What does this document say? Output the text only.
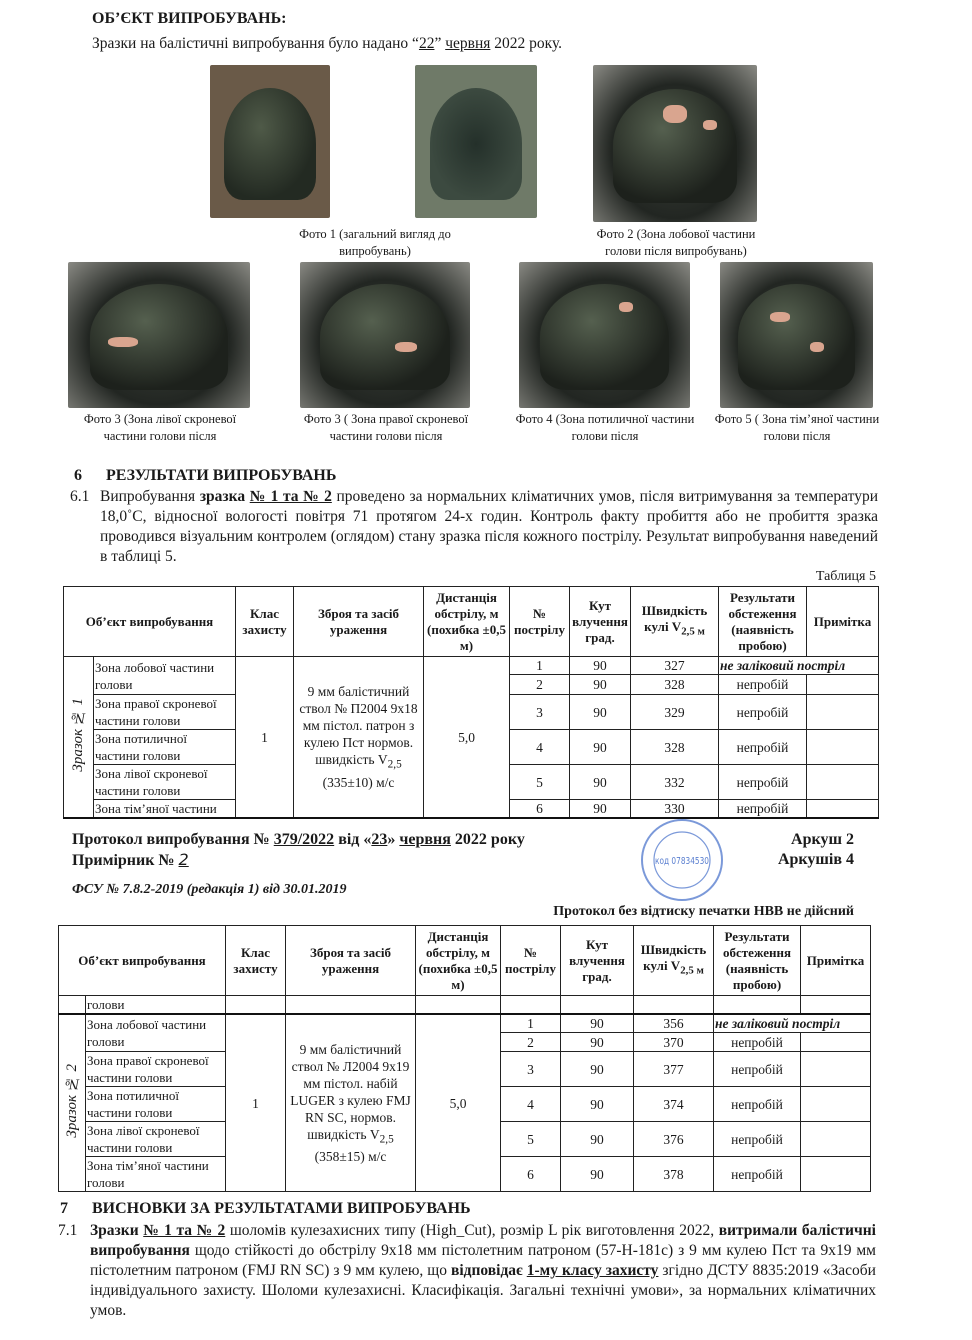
ОБ’ЄКТ ВИПРОБУВАНЬ:
Зразки на балістичні випробування було надано “22” червня 2022 року.
Фото 1 (загальний вигляд до випробувань)
Фото 2 (Зона лобової частини голови після випробувань)
Фото 3 (Зона лівої скроневої частини голови після
Фото 3 ( Зона правої скроневої частини голови після
Фото 4 (Зона потиличної частини голови після
Фото 5 ( Зона тім’яної частини голови після
6 РЕЗУЛЬТАТИ ВИПРОБУВАНЬ
6.1 Випробування зразка № 1 та № 2 проведено за нормальних кліматичних умов, після витримування за температури 18,0˚С, відносної вологості повітря 71 протягом 24-х годин. Контроль факту пробиття або не пробиття зразка проводився візуальним контролем (оглядом) стану зразка після кожного пострілу. Результат випробування наведений в таблиці 5.
Таблиця 5
Об’єкт випробування		Клас захисту	Зброя та засіб ураження	Дистанція обстрілу, м (похибка ±0,5 м)	№ пострілу	Кут влучення град.	Швидкість кулі $V_{2,5 м}$	Результати обстеження (наявність пробою)	Примітка
Зразок № 1	Зона лобової частини голови	1	9 мм балістичний ствол № П2004 9х18 мм пістол. патрон з кулею Пст нормов. швидкість $V_{2,5}$ (335±10) м/с	5,0	1	90	327	не заліковий постріл	
					2	90	328	непробій	
	Зона правої скроневої частини голови				3	90	329	непробій	
	Зона потиличної частини голови				4	90	328	непробій	
	Зона лівої скроневої частини голови				5	90	332	непробій	
	Зона тім’яної частини				6	90	330	непробій	
Протокол випробування № 379/2022 від «23» червня 2022 року
Примірник № 2
Аркуш 2
Аркушів 4
ФСУ № 7.8.2-2019 (редакція 1) від 30.01.2019
Протокол без відтиску печатки НВВ не дійсний
код 07834530
Об’єкт випробування		Клас захисту	Зброя та засіб ураження	Дистанція обстрілу, м (похибка ±0,5 м)	№ пострілу	Кут влучення град.	Швидкість кулі $V_{2,5 м}$	Результати обстеження (наявність пробою)	Примітка
	голови								
Зразок № 2	Зона лобової частини голови	1	9 мм балістичний ствол № Л2004 9х19 мм пістол. набій LUGER з кулею FMJ RN SC, нормов. швидкість $V_{2,5}$ (358±15) м/с	5,0	1	90	356	не заліковий постріл	
					2	90	370	непробій	
	Зона правої скроневої частини голови				3	90	377	непробій	
	Зона потиличної частини голови				4	90	374	непробій	
	Зона лівої скроневої частини голови				5	90	376	непробій	
	Зона тім’яної частини голови				6	90	378	непробій	
7 ВИСНОВКИ ЗА РЕЗУЛЬТАТАМИ ВИПРОБУВАНЬ
7.1 Зразки № 1 та № 2 шоломів кулезахисних типу (High_Cut), розмір L рік виготовлення 2022, витримали балістичні випробування щодо стійкості до обстрілу 9х18 мм пістолетним патроном (57-Н-181с) з 9 мм кулею Пст та 9х19 мм пістолетним патроном (FMJ RN SC) з 9 мм кулею, що відповідає 1-му класу захисту згідно ДСТУ 8835:2019 «Засоби індивідуального захисту. Шоломи кулезахисні. Класифікація. Загальні технічні умови», за нормальних кліматичних умов.
